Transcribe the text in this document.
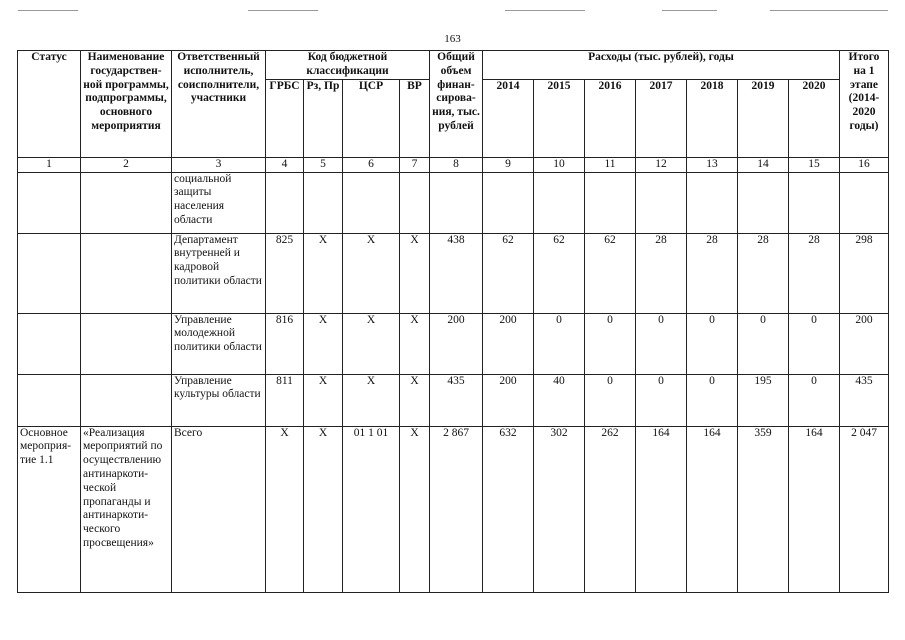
163
Статус	Наименование государствен-ной программы, подпрограммы, основного мероприятия	Ответственный исполнитель, соисполнители, участники	Код бюджетной классификации				Общий объем финан-сирова-ния, тыс. рублей	Расходы (тыс. рублей), годы							Итого на 1 этапе (2014-2020 годы)
			ГРБС	Рз, Пр	ЦСР	ВР		2014	2015	2016	2017	2018	2019	2020	
1	2	3	4	5	6	7	8	9	10	11	12	13	14	15	16
		социальной защиты населения области													
		Департамент внутренней и кадровой политики области	825	Х	Х	Х	438	62	62	62	28	28	28	28	298
		Управление молодежной политики области	816	Х	Х	Х	200	200	0	0	0	0	0	0	200
		Управление культуры области	811	Х	Х	Х	435	200	40	0	0	0	195	0	435
Основное мероприя-тие 1.1	«Реализация мероприятий по осуществлению антинаркоти-ческой пропаганды и антинаркоти-ческого просвещения»	Всего	Х	Х	01 1 01	Х	2 867	632	302	262	164	164	359	164	2 047
